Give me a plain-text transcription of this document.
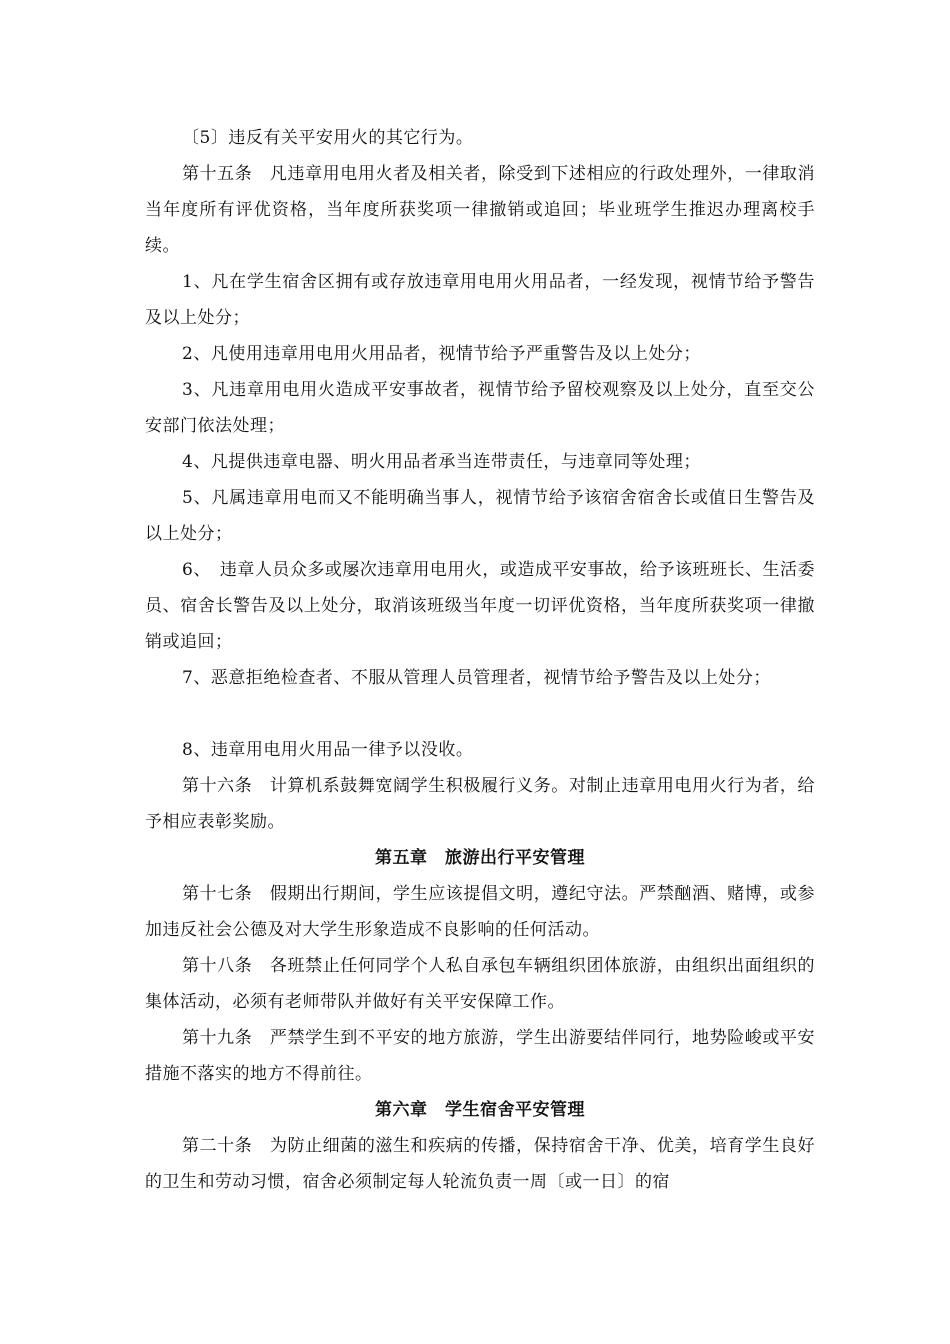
〔5〕违反有关平安用火的其它行为。

第十五条　凡违章用电用火者及相关者，除受到下述相应的行政处理外，一律取消当年度所有评优资格，当年度所获奖项一律撤销或追回；毕业班学生推迟办理离校手续。

1、凡在学生宿舍区拥有或存放违章用电用火用品者，一经发现，视情节给予警告及以上处分；

2、凡使用违章用电用火用品者，视情节给予严重警告及以上处分；

3、凡违章用电用火造成平安事故者，视情节给予留校观察及以上处分，直至交公安部门依法处理；

4、凡提供违章电器、明火用品者承当连带责任，与违章同等处理；

5、凡属违章用电而又不能明确当事人，视情节给予该宿舍宿舍长或值日生警告及以上处分；

6、　违章人员众多或屡次违章用电用火，或造成平安事故，给予该班班长、生活委员、宿舍长警告及以上处分，取消该班级当年度一切评优资格，当年度所获奖项一律撤销或追回；

7、恶意拒绝检查者、不服从管理人员管理者，视情节给予警告及以上处分；

8、违章用电用火用品一律予以没收。

第十六条　计算机系鼓舞宽阔学生积极履行义务。对制止违章用电用火行为者，给予相应表彰奖励。

第五章　旅游出行平安管理

第十七条　假期出行期间，学生应该提倡文明，遵纪守法。严禁酗酒、赌博，或参加违反社会公德及对大学生形象造成不良影响的任何活动。

第十八条　各班禁止任何同学个人私自承包车辆组织团体旅游，由组织出面组织的集体活动，必须有老师带队并做好有关平安保障工作。

第十九条　严禁学生到不平安的地方旅游，学生出游要结伴同行，地势险峻或平安措施不落实的地方不得前往。

第六章　学生宿舍平安管理

第二十条　为防止细菌的滋生和疾病的传播，保持宿舍干净、优美，培育学生良好的卫生和劳动习惯，宿舍必须制定每人轮流负责一周〔或一日〕的宿
